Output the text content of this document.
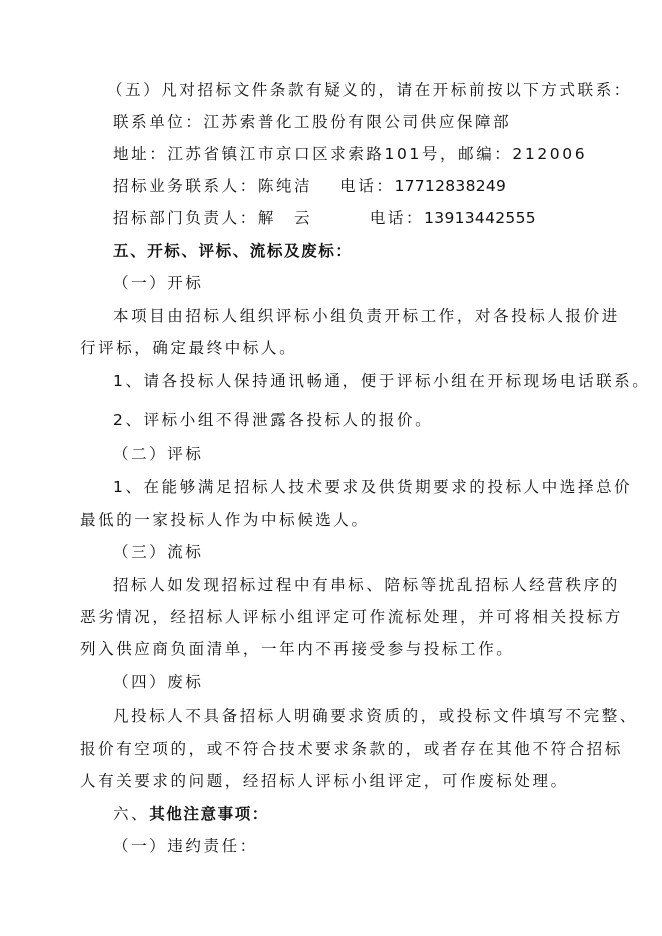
（五）凡对招标文件条款有疑义的，请在开标前按以下方式联系：
联系单位：江苏索普化工股份有限公司供应保障部
地址：江苏省镇江市京口区求索路101号，邮编：212006
招标业务联系人：陈纯洁 电话：17712838249
招标部门负责人：解　云	电话：13913442555
五、开标、评标、流标及废标：
（一）开标
本项目由招标人组织评标小组负责开标工作，对各投标人报价进
行评标，确定最终中标人。
1、请各投标人保持通讯畅通，便于评标小组在开标现场电话联系。
2、评标小组不得泄露各投标人的报价。
（二）评标
1、在能够满足招标人技术要求及供货期要求的投标人中选择总价
最低的一家投标人作为中标候选人。
（三）流标
招标人如发现招标过程中有串标、陪标等扰乱招标人经营秩序的
恶劣情况，经招标人评标小组评定可作流标处理，并可将相关投标方
列入供应商负面清单，一年内不再接受参与投标工作。
（四）废标
凡投标人不具备招标人明确要求资质的，或投标文件填写不完整、
报价有空项的，或不符合技术要求条款的，或者存在其他不符合招标
人有关要求的问题，经招标人评标小组评定，可作废标处理。
六、其他注意事项：
（一）违约责任：
